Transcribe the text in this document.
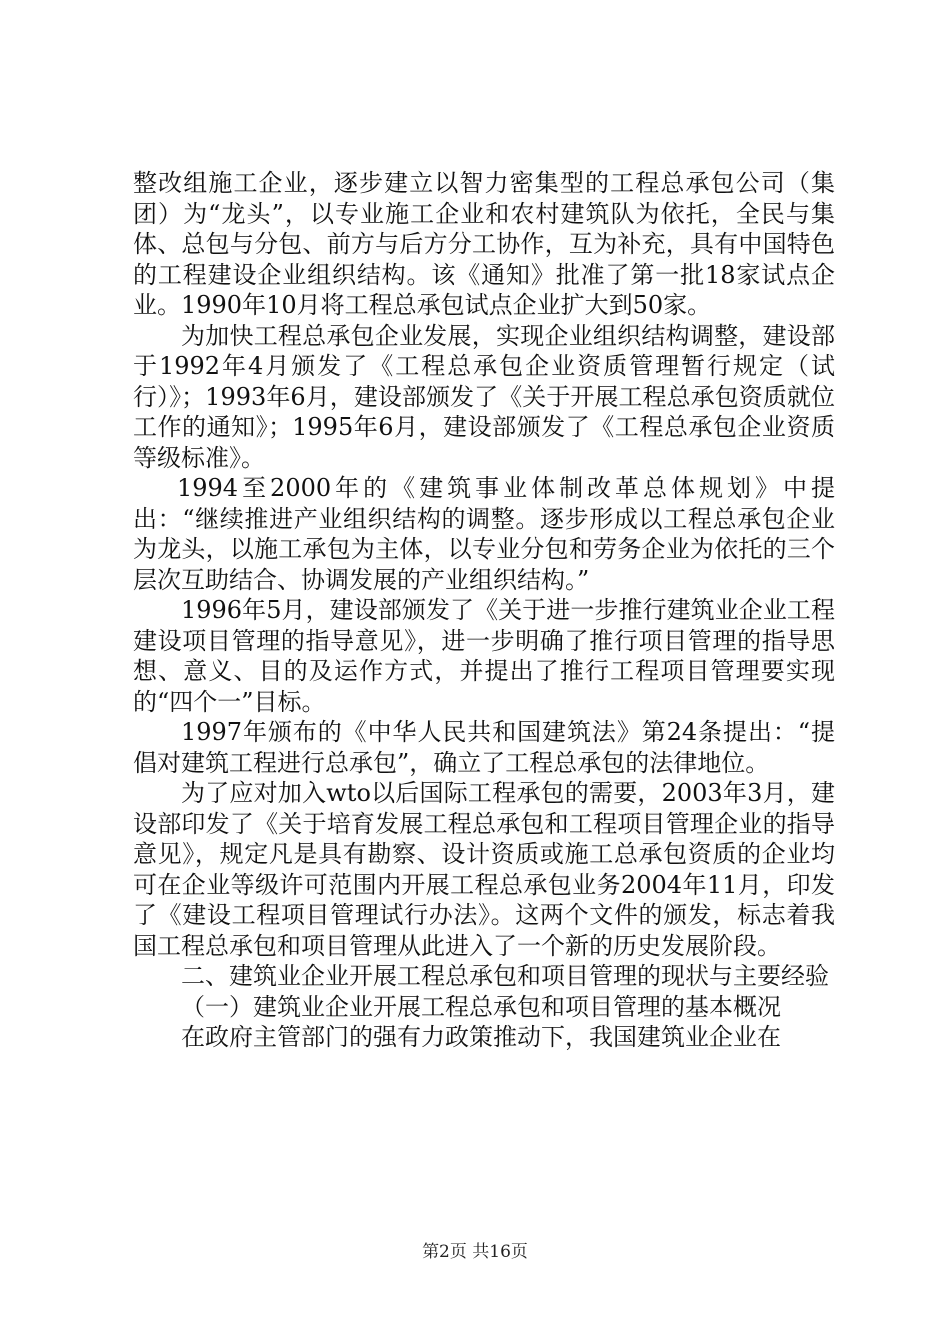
整改组施工企业，逐步建立以智力密集型的工程总承包公司（集团）为“龙头”，以专业施工企业和农村建筑队为依托，全民与集体、总包与分包、前方与后方分工协作，互为补充，具有中国特色的工程建设企业组织结构。该《通知》批准了第一批18家试点企业。1990年10月将工程总承包试点企业扩大到50家。

为加快工程总承包企业发展，实现企业组织结构调整，建设部于1992年4月颁发了《工程总承包企业资质管理暂行规定（试行）》；1993年6月，建设部颁发了《关于开展工程总承包资质就位工作的通知》；1995年6月，建设部颁发了《工程总承包企业资质等级标准》。

1994至2000年的《建筑事业体制改革总体规划》中提出：“继续推进产业组织结构的调整。逐步形成以工程总承包企业为龙头，以施工承包为主体，以专业分包和劳务企业为依托的三个层次互助结合、协调发展的产业组织结构。”

1996年5月，建设部颁发了《关于进一步推行建筑业企业工程建设项目管理的指导意见》，进一步明确了推行项目管理的指导思想、意义、目的及运作方式，并提出了推行工程项目管理要实现的“四个一”目标。

1997年颁布的《中华人民共和国建筑法》第24条提出：“提倡对建筑工程进行总承包”，确立了工程总承包的法律地位。

为了应对加入wto以后国际工程承包的需要，2003年3月，建设部印发了《关于培育发展工程总承包和工程项目管理企业的指导意见》，规定凡是具有勘察、设计资质或施工总承包资质的企业均可在企业等级许可范围内开展工程总承包业务2004年11月，印发了《建设工程项目管理试行办法》。这两个文件的颁发，标志着我国工程总承包和项目管理从此进入了一个新的历史发展阶段。

二、建筑业企业开展工程总承包和项目管理的现状与主要经验

（一）建筑业企业开展工程总承包和项目管理的基本概况

在政府主管部门的强有力政策推动下，我国建筑业企业在

第2页 共16页
